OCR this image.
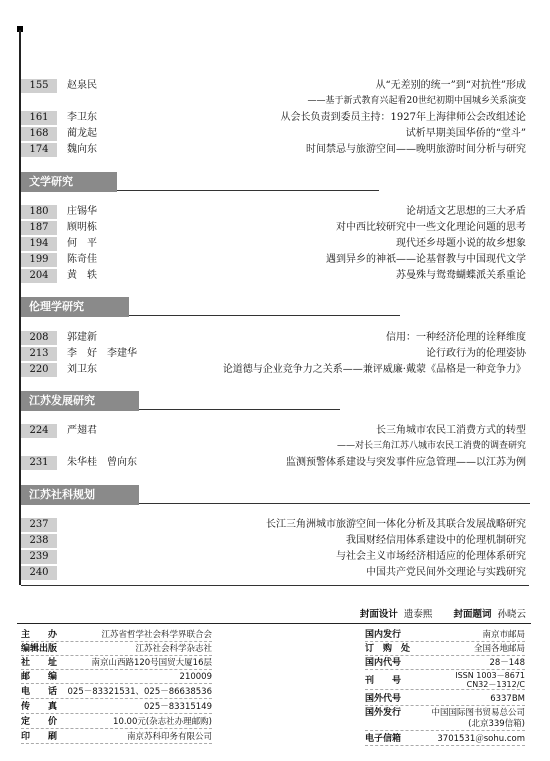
155	赵泉民	从“无差别的统一”到“对抗性”形成
——基于新式教育兴起看20世纪初期中国城乡关系演变
161	李卫东	从会长负责到委员主持：1927年上海律师公会改组述论
168	蔺龙起	试析早期美国华侨的“堂斗”
174	魏向东	时间禁忌与旅游空间——晚明旅游时间分析与研究
文学研究
180	庄锡华	论胡适文艺思想的三大矛盾
187	顾明栋	对中西比较研究中一些文化理论问题的思考
194	何　平	现代还乡母题小说的故乡想象
199	陈奇佳	遇到异乡的神祇——论基督教与中国现代文学
204	黄　轶	苏曼殊与鸳鸯蝴蝶派关系重论
伦理学研究
208	郭建新	信用：一种经济伦理的诠释维度
213	李　好　李建华	论行政行为的伦理姿协
220	刘卫东	论道德与企业竞争力之关系——兼评威廉·戴蒙《品格是一种竞争力》
江苏发展研究
224	严翅君	长三角城市农民工消费方式的转型
——对长三角江苏八城市农民工消费的调查研究
231	朱华桂　曾向东	监测预警体系建设与突发事件应急管理——以江苏为例
江苏社科规划
237	长江三角洲城市旅游空间一体化分析及其联合发展战略研究
238	我国财经信用体系建设中的伦理机制研究
239	与社会主义市场经济相适应的伦理体系研究
240	中国共产党民间外交理论与实践研究
封面设计 遗泰熙 封面题词 孙晓云
主　　办	江苏省哲学社会科学界联合会
编辑出版	江苏社会科学杂志社
社　　址	南京山西路120号国贸大厦16层
邮　　编	210009
电　　话 025－83321531、025－86638536
传　　真	025－83315149
定　　价	10.00元(杂志社办理邮购)
印　　刷	南京苏科印务有限公司
国内发行	南京市邮局
订　购　处	全国各地邮局
国内代号	28－148
刊　　号
ISSN 1003－8671
CN32－1312/C
国外代号	6337BM
国外发行	中国国际图书贸易总公司
(北京339信箱)
电子信箱	3701531＠sohu.com
